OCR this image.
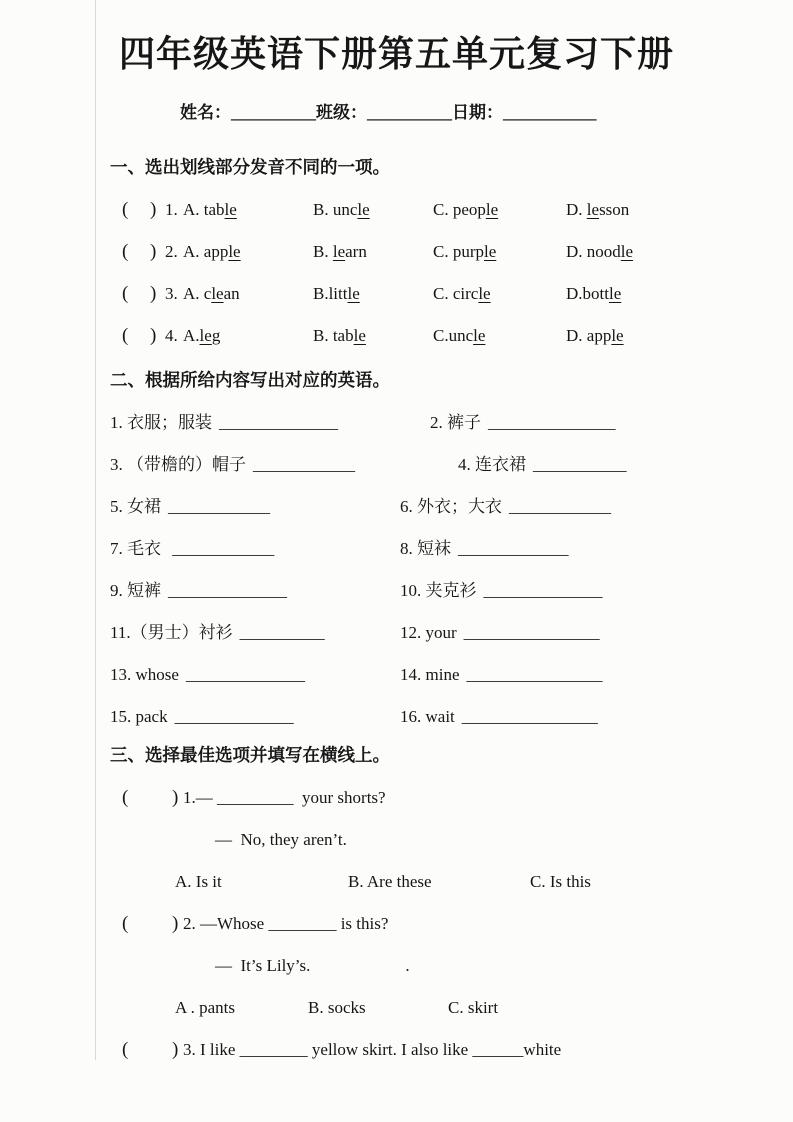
四年级英语下册第五单元复习下册
姓名：__________班级：__________日期：___________
一、选出划线部分发音不同的一项。
(	) 1. A. table	B. uncle	C. people	D. lesson
(	) 2. A. apple	B. learn	C. purple	D. noodle
(	) 3. A. clean	B.little	C. circle	D.bottle
(	) 4. A.leg	B. table	C.uncle	D. apple
二、根据所给内容写出对应的英语。
1. 衣服；服装 ______________	2. 裤子 _______________
3. （带檐的）帽子 ____________	4. 连衣裙 ___________
5. 女裙 ____________	6. 外衣；大衣 ____________
7. 毛衣 ____________	8. 短袜 _____________
9. 短裤 ______________	10. 夹克衫 ______________
11.（男士）衬衫 __________	12. your ________________
13. whose ______________	14. mine ________________
15. pack ______________	16. wait ________________
三、选择最佳选项并填写在横线上。
(	) 1. — _________  your shorts?
—  No, they aren’t.
A. Is it	B. Are these	C. Is this
(	) 2. —Whose ________ is this?
—  It’s Lily’s.	.
A . pants	B. socks	C. skirt
(	) 3. I like ________ yellow skirt. I also like ______white
